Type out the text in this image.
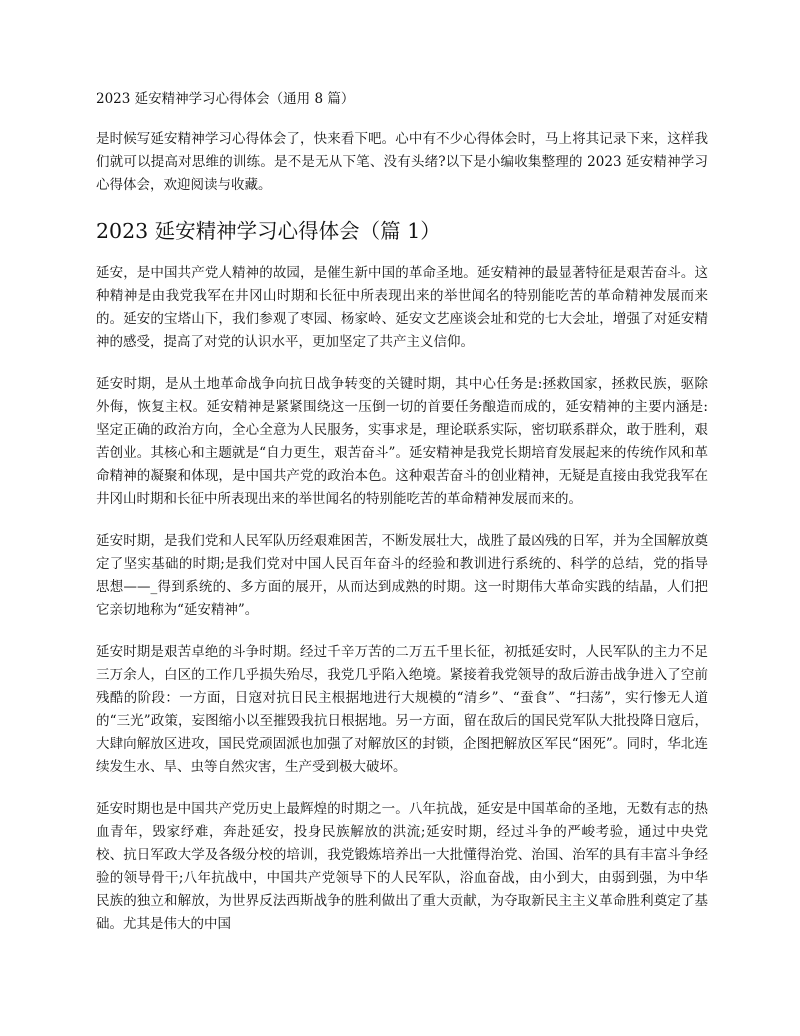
2023 延安精神学习心得体会（通用 8 篇）

是时候写延安精神学习心得体会了，快来看下吧。心中有不少心得体会时，马上将其记录下来，这样我们就可以提高对思维的训练。是不是无从下笔、没有头绪?以下是小编收集整理的 2023 延安精神学习心得体会，欢迎阅读与收藏。

2023 延安精神学习心得体会（篇 1）

延安，是中国共产党人精神的故园，是催生新中国的革命圣地。延安精神的最显著特征是艰苦奋斗。这种精神是由我党我军在井冈山时期和长征中所表现出来的举世闻名的特别能吃苦的革命精神发展而来的。延安的宝塔山下，我们参观了枣园、杨家岭、延安文艺座谈会址和党的七大会址，增强了对延安精神的感受，提高了对党的认识水平，更加坚定了共产主义信仰。

延安时期，是从土地革命战争向抗日战争转变的关键时期，其中心任务是:拯救国家，拯救民族，驱除外侮，恢复主权。延安精神是紧紧围绕这一压倒一切的首要任务酿造而成的，延安精神的主要内涵是:坚定正确的政治方向，全心全意为人民服务，实事求是，理论联系实际，密切联系群众，敢于胜利，艰苦创业。其核心和主题就是“自力更生，艰苦奋斗”。延安精神是我党长期培育发展起来的传统作风和革命精神的凝聚和体现，是中国共产党的政治本色。这种艰苦奋斗的创业精神，无疑是直接由我党我军在井冈山时期和长征中所表现出来的举世闻名的特别能吃苦的革命精神发展而来的。

延安时期，是我们党和人民军队历经艰难困苦，不断发展壮大，战胜了最凶残的日军，并为全国解放奠定了坚实基础的时期;是我们党对中国人民百年奋斗的经验和教训进行系统的、科学的总结，党的指导思想——_得到系统的、多方面的展开，从而达到成熟的时期。这一时期伟大革命实践的结晶，人们把它亲切地称为“延安精神”。

延安时期是艰苦卓绝的斗争时期。经过千辛万苦的二万五千里长征，初抵延安时，人民军队的主力不足三万余人，白区的工作几乎损失殆尽，我党几乎陷入绝境。紧接着我党领导的敌后游击战争进入了空前残酷的阶段：一方面，日寇对抗日民主根据地进行大规模的“清乡”、“蚕食”、“扫荡”，实行惨无人道的“三光”政策，妄图缩小以至摧毁我抗日根据地。另一方面，留在敌后的国民党军队大批投降日寇后，大肆向解放区进攻，国民党顽固派也加强了对解放区的封锁，企图把解放区军民“困死”。同时，华北连续发生水、旱、虫等自然灾害，生产受到极大破坏。

延安时期也是中国共产党历史上最辉煌的时期之一。八年抗战，延安是中国革命的圣地，无数有志的热血青年，毁家纾难，奔赴延安，投身民族解放的洪流;延安时期，经过斗争的严峻考验，通过中央党校、抗日军政大学及各级分校的培训，我党锻炼培养出一大批懂得治党、治国、治军的具有丰富斗争经验的领导骨干;八年抗战中，中国共产党领导下的人民军队，浴血奋战，由小到大，由弱到强，为中华民族的独立和解放，为世界反法西斯战争的胜利做出了重大贡献，为夺取新民主主义革命胜利奠定了基础。尤其是伟大的中国
